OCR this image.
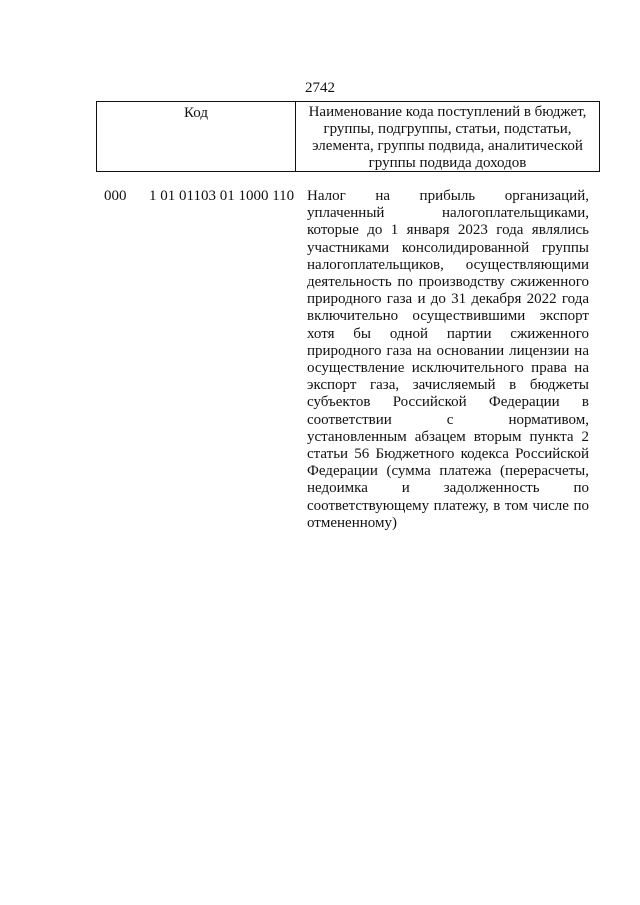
2742
Код	Наименование кода поступлений в бюджет, группы, подгруппы, статьи, подстатьи, элемента, группы подвида, аналитической группы подвида доходов
000 1 01 01103 01 1000 110 Налог на прибыль организаций, уплаченный налогоплательщиками, которые до 1 января 2023 года являлись участниками консолидированной группы налогоплательщиков, осуществляющими деятельность по производству сжиженного природного газа и до 31 декабря 2022 года включительно осуществившими экспорт хотя бы одной партии сжиженного природного газа на основании лицензии на осуществление исключительного права на экспорт газа, зачисляемый в бюджеты субъектов Российской Федерации в соответствии с нормативом, установленным абзацем вторым пункта 2 статьи 56 Бюджетного кодекса Российской Федерации (сумма платежа (перерасчеты, недоимка и задолженность по соответствующему платежу, в том числе по отмененному)
